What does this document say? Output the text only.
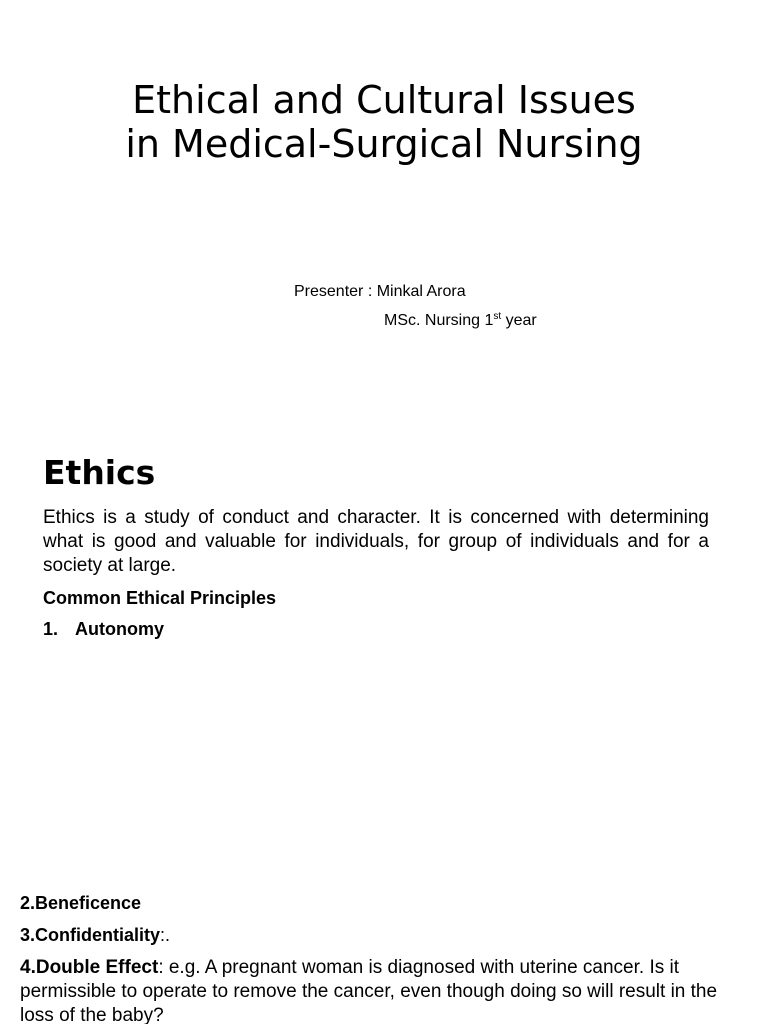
Ethical and Cultural Issues
in Medical-Surgical Nursing
Presenter : Minkal Arora
MSc. Nursing 1st year
Ethics

Ethics is a study of conduct and character. It is concerned with determining what is good and valuable for individuals, for group of individuals and for a society at large.

Common Ethical Principles
1. Autonomy
2.Beneficence
3.Confidentiality:.
4.Double Effect: e.g. A pregnant woman is diagnosed with uterine cancer. Is it permissible to operate to remove the cancer, even though doing so will result in the loss of the baby?
